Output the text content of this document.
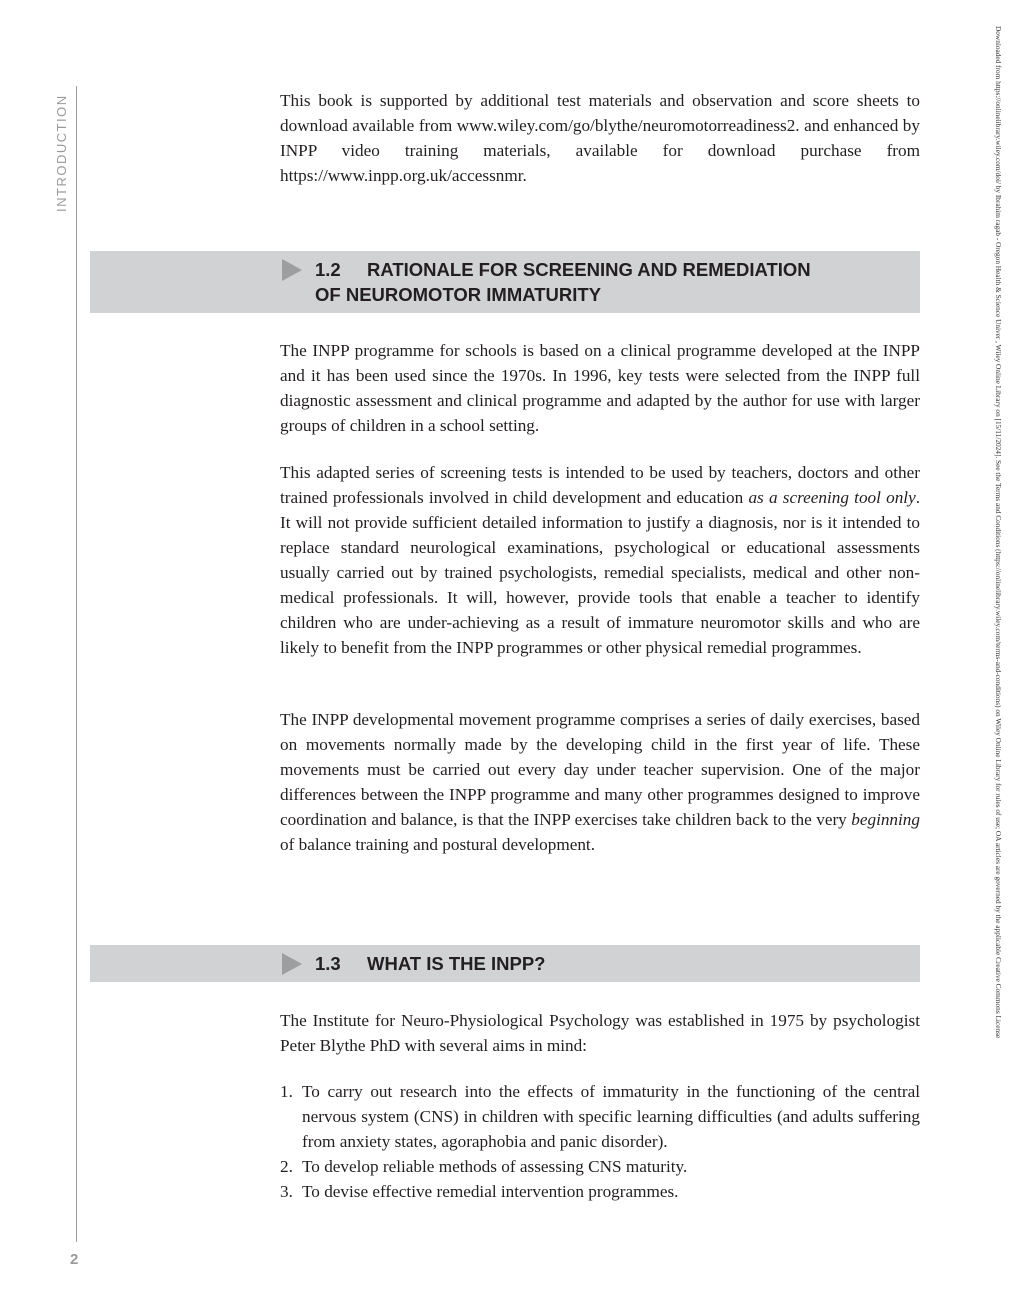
INTRODUCTION
2
Downloaded from https://onlinelibrary.wiley.com/doi/ by Ibrahim ragab - Oregon Health & Science Univer , Wiley Online Library on [15/11/2024]. See the Terms and Conditions (https://onlinelibrary.wiley.com/terms-and-conditions) on Wiley Online Library for rules of use; OA articles are governed by the applicable Creative Commons License

This book is supported by additional test materials and observation and score sheets to download available from www.wiley.com/go/blythe/neuromotorreadiness2. and enhanced by INPP video training materials, available for download purchase from https://www.inpp.org.uk/accessnmr.

1.2 RATIONALE FOR SCREENING AND REMEDIATION
OF NEUROMOTOR IMMATURITY

The INPP programme for schools is based on a clinical programme developed at the INPP and it has been used since the 1970s. In 1996, key tests were selected from the INPP full diagnostic assessment and clinical programme and adapted by the author for use with larger groups of children in a school setting.

This adapted series of screening tests is intended to be used by teachers, doctors and other trained professionals involved in child development and education as a screening tool only. It will not provide sufficient detailed information to justify a diagnosis, nor is it intended to replace standard neurological examinations, psychological or educational assessments usually carried out by trained psychologists, remedial specialists, medical and other non-medical professionals. It will, however, provide tools that enable a teacher to identify children who are under-achieving as a result of immature neuromotor skills and who are likely to benefit from the INPP programmes or other physical remedial programmes.

The INPP developmental movement programme comprises a series of daily exercises, based on movements normally made by the developing child in the first year of life. These movements must be carried out every day under teacher supervision. One of the major differences between the INPP programme and many other programmes designed to improve coordination and balance, is that the INPP exercises take children back to the very beginning of balance training and postural development.

1.3 WHAT IS THE INPP?

The Institute for Neuro-Physiological Psychology was established in 1975 by psychologist Peter Blythe PhD with several aims in mind:

1. To carry out research into the effects of immaturity in the functioning of the central nervous system (CNS) in children with specific learning difficulties (and adults suffering from anxiety states, agoraphobia and panic disorder).
2. To develop reliable methods of assessing CNS maturity.
3. To devise effective remedial intervention programmes.
